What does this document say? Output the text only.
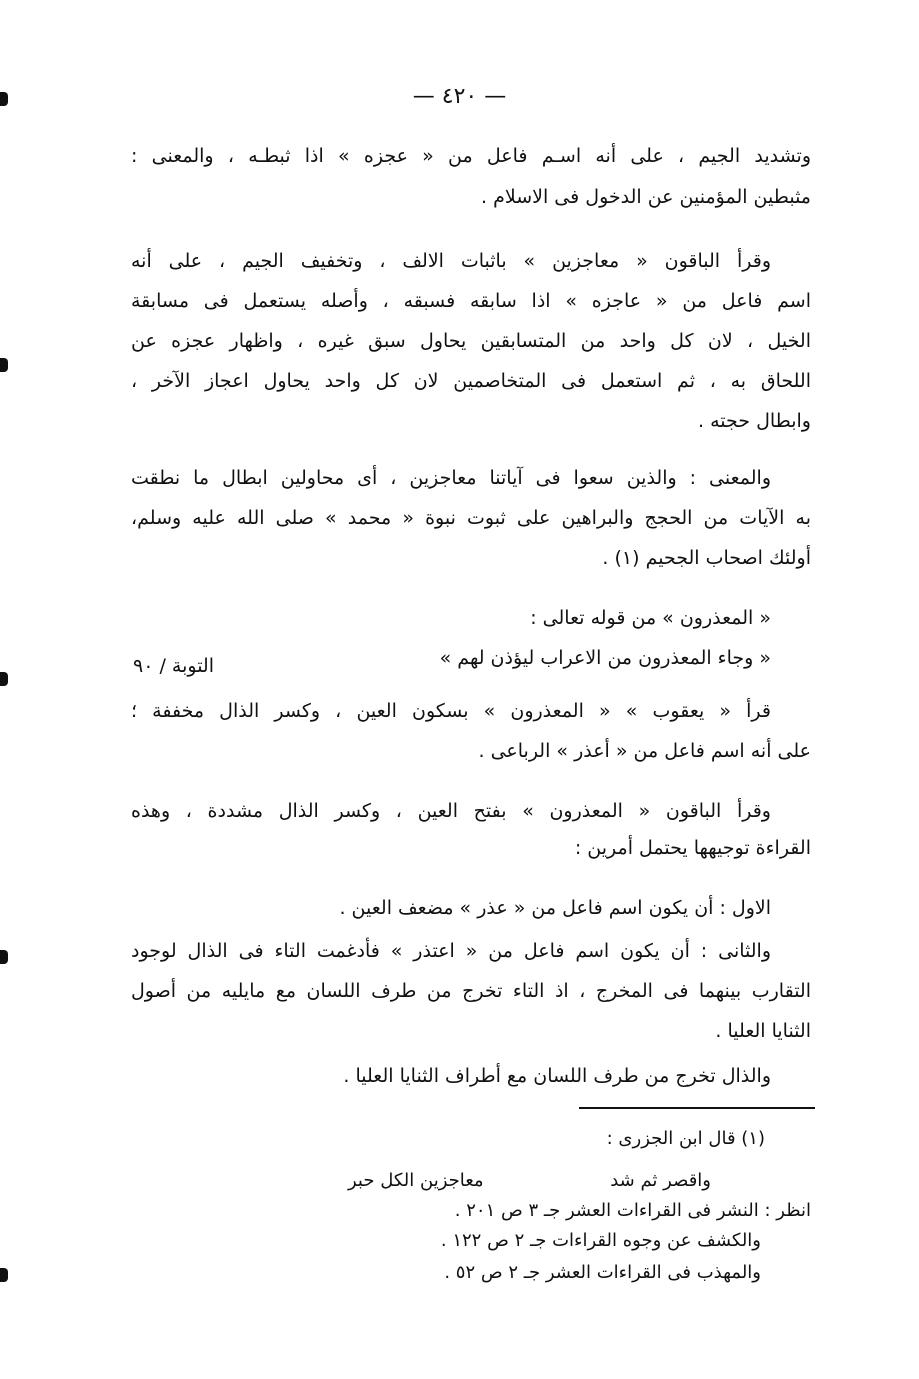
— ٤٢٠ —
وتشديد الجيم ، على أنه اسـم فاعل من « عجزه » اذا ثبطـه ، والمعنى :
مثبطين المؤمنين عن الدخول فى الاسلام .
وقرأ الباقون « معاجزين » باثبات الالف ، وتخفيف الجيم ، على أنه
اسم فاعل من « عاجزه » اذا سابقه فسبقه ، وأصله يستعمل فى مسابقة
الخيل ، لان كل واحد من المتسابقين يحاول سبق غيره ، واظهار عجزه عن
اللحاق به ، ثم استعمل فى المتخاصمين لان كل واحد يحاول اعجاز الآخر ،
وابطال حجته .
والمعنى : والذين سعوا فى آياتنا معاجزين ، أى محاولين ابطال ما نطقت
به الآيات من الحجج والبراهين على ثبوت نبوة « محمد » صلى الله عليه وسلم،
أولئك اصحاب الجحيم (١) .
« المعذرون » من قوله تعالى :
« وجاء المعذرون من الاعراب ليؤذن لهم »
التوبة / ٩٠
قرأ « يعقوب » « المعذرون » بسكون العين ، وكسر الذال مخففة ؛
على أنه اسم فاعل من « أعذر » الرباعى .
وقرأ الباقون « المعذرون » بفتح العين ، وكسر الذال مشددة ، وهذه
القراءة توجيهها يحتمل أمرين :
الاول : أن يكون اسم فاعل من « عذر » مضعف العين .
والثانى : أن يكون اسم فاعل من « اعتذر » فأدغمت التاء فى الذال لوجود
التقارب بينهما فى المخرج ، اذ التاء تخرج من طرف اللسان مع مايليه من أصول
الثنايا العليا .
والذال تخرج من طرف اللسان مع أطراف الثنايا العليا .
(١) قال ابن الجزرى :
واقصر ثم شد
معاجزين الكل حبر
انظر : النشر فى القراءات العشر جـ ٣ ص ٢٠١ .
والكشف عن وجوه القراءات جـ ٢ ص ١٢٢ .
والمهذب فى القراءات العشر جـ ٢ ص ٥٢ .
